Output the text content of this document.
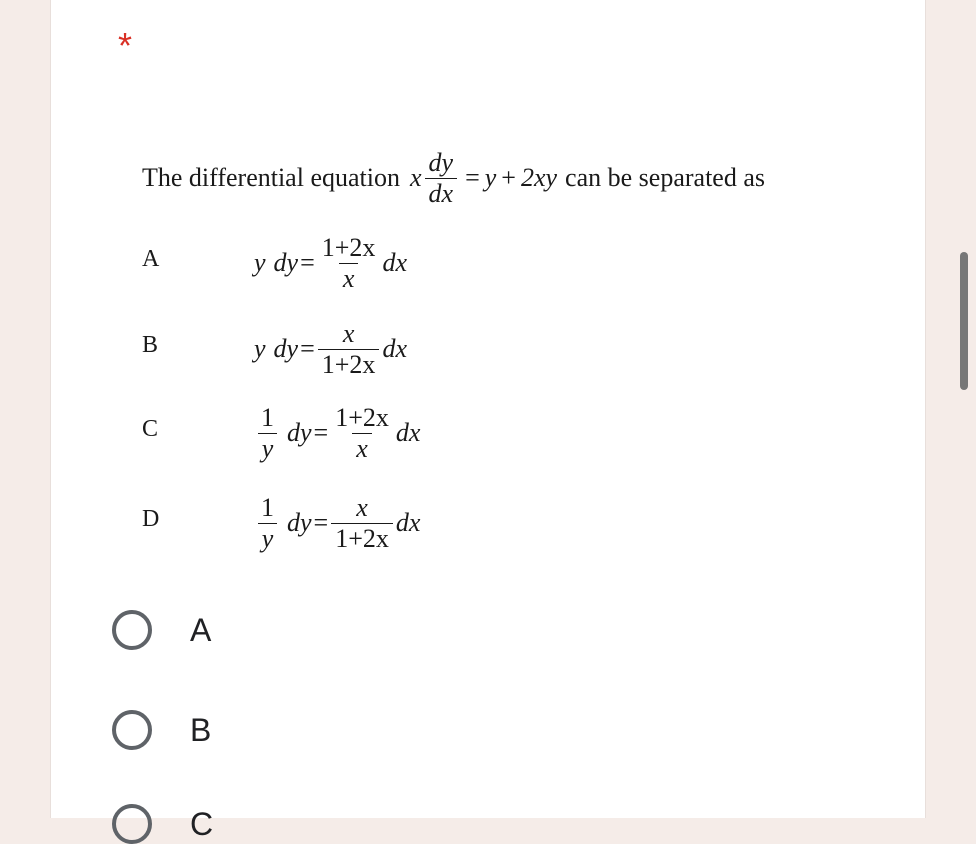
*
The differential equation x $\frac{dy}{dx} = y + 2xy$ can be separated as
A	y dy = $\frac{1+2x}{x}$ dx
B	y dy = $\frac{x}{1+2x}$ dx
C	$\frac{1}{y}$ dy = $\frac{1+2x}{x}$ dx
D	$\frac{1}{y}$ dy = $\frac{x}{1+2x}$ dx
A
B
C
